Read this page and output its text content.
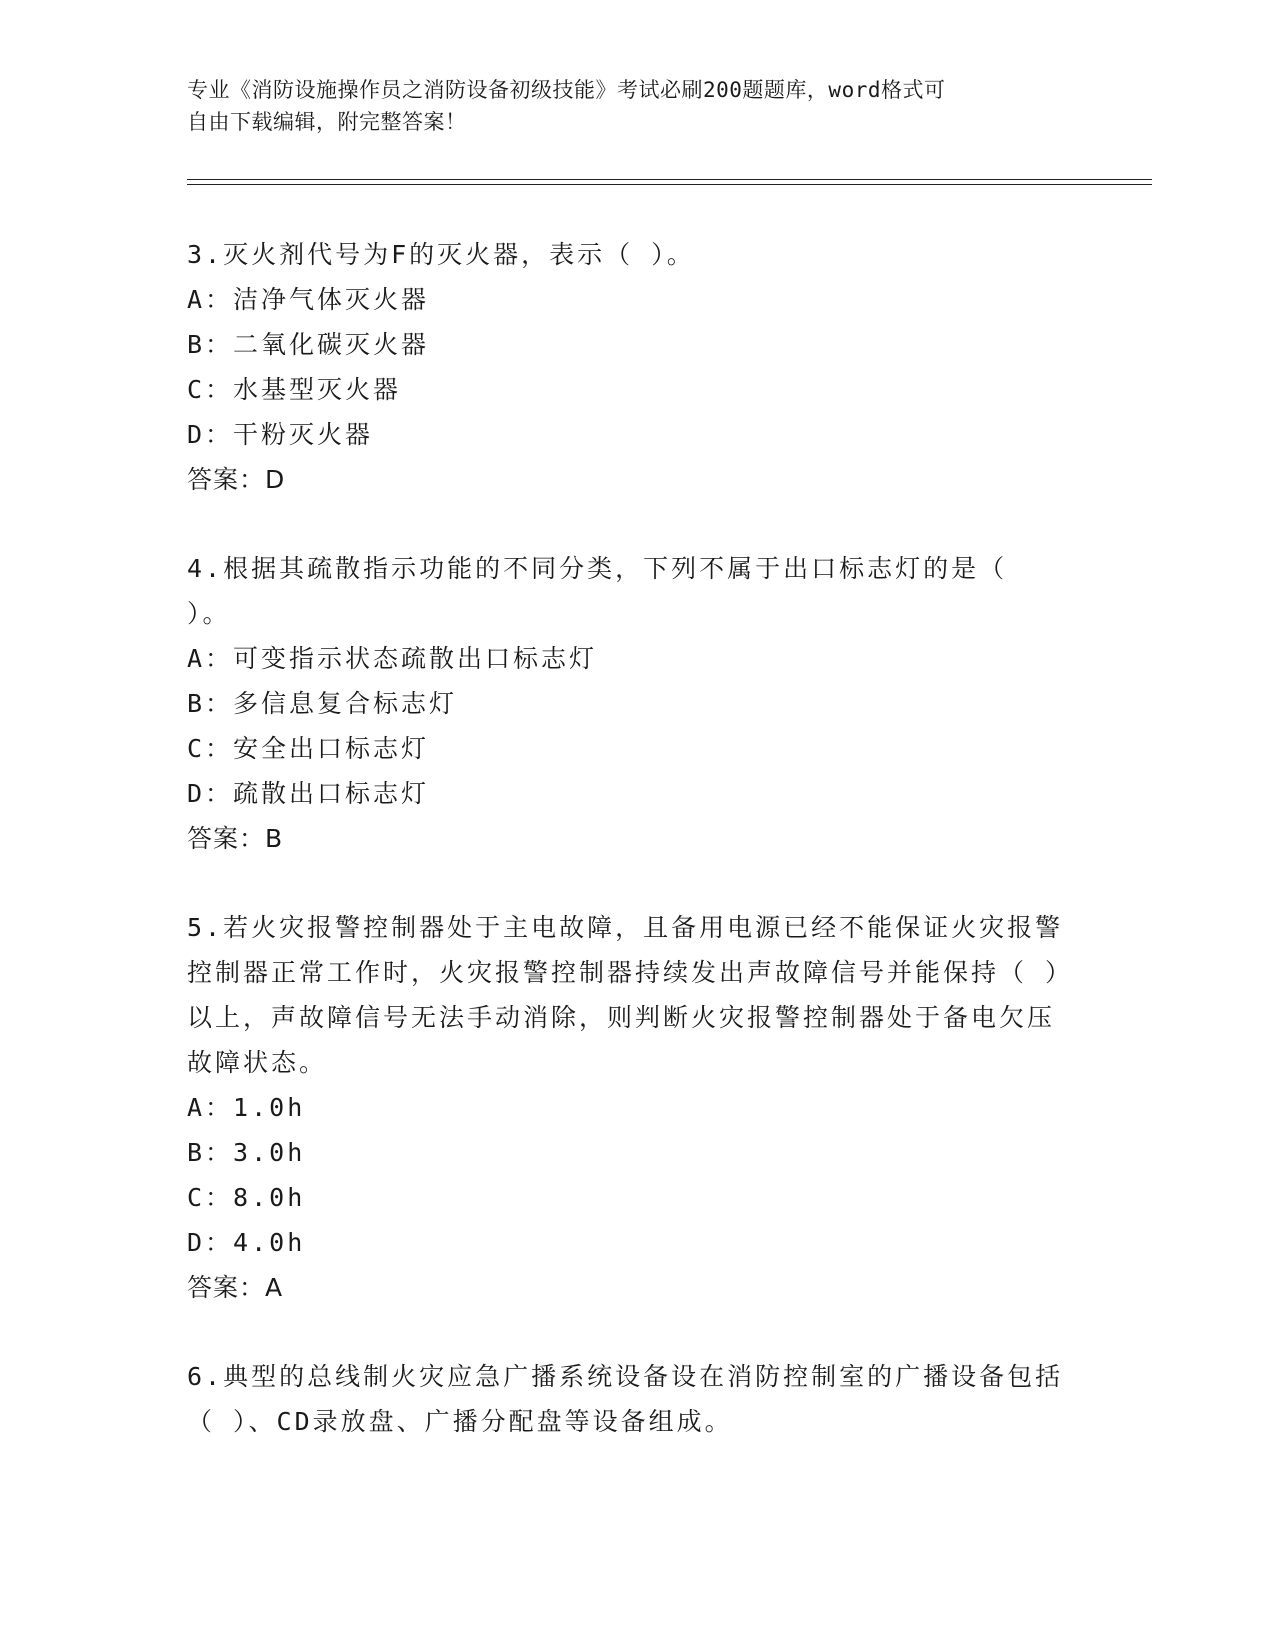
专业《消防设施操作员之消防设备初级技能》考试必刷200题题库，word格式可
自由下载编辑，附完整答案！

3.灭火剂代号为F的灭火器，表示（ ）。

A：洁净气体灭火器

B：二氧化碳灭火器

C：水基型灭火器

D：干粉灭火器

答案：D

4.根据其疏散指示功能的不同分类，下列不属于出口标志灯的是（ ）。

A：可变指示状态疏散出口标志灯

B：多信息复合标志灯

C：安全出口标志灯

D：疏散出口标志灯

答案：B

5.若火灾报警控制器处于主电故障，且备用电源已经不能保证火灾报警控制器正常工作时，火灾报警控制器持续发出声故障信号并能保持（ ）以上，声故障信号无法手动消除，则判断火灾报警控制器处于备电欠压故障状态。

A：1.0h

B：3.0h

C：8.0h

D：4.0h

答案：A

6.典型的总线制火灾应急广播系统设备设在消防控制室的广播设备包括（ ）、CD录放盘、广播分配盘等设备组成。
